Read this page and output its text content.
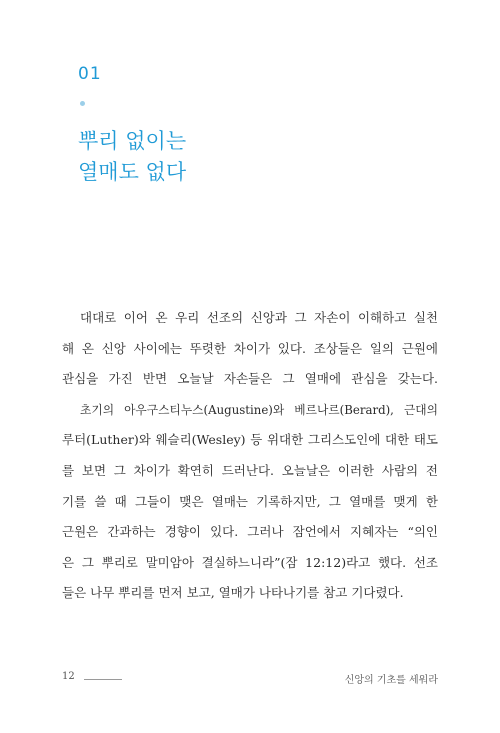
01
뿌리 없이는
열매도 없다
대대로 이어 온 우리 선조의 신앙과 그 자손이 이해하고 실천
해 온 신앙 사이에는 뚜렷한 차이가 있다. 조상들은 일의 근원에
관심을 가진 반면 오늘날 자손들은 그 열매에 관심을 갖는다.
초기의 아우구스티누스(Augustine)와 베르나르(Berard), 근대의
루터(Luther)와 웨슬리(Wesley) 등 위대한 그리스도인에 대한 태도
를 보면 그 차이가 확연히 드러난다. 오늘날은 이러한 사람의 전
기를 쓸 때 그들이 맺은 열매는 기록하지만, 그 열매를 맺게 한
근원은 간과하는 경향이 있다. 그러나 잠언에서 지혜자는 “의인
은 그 뿌리로 말미암아 결실하느니라”(잠 12:12)라고 했다. 선조
들은 나무 뿌리를 먼저 보고, 열매가 나타나기를 참고 기다렸다.
12	신앙의 기초를 세워라
